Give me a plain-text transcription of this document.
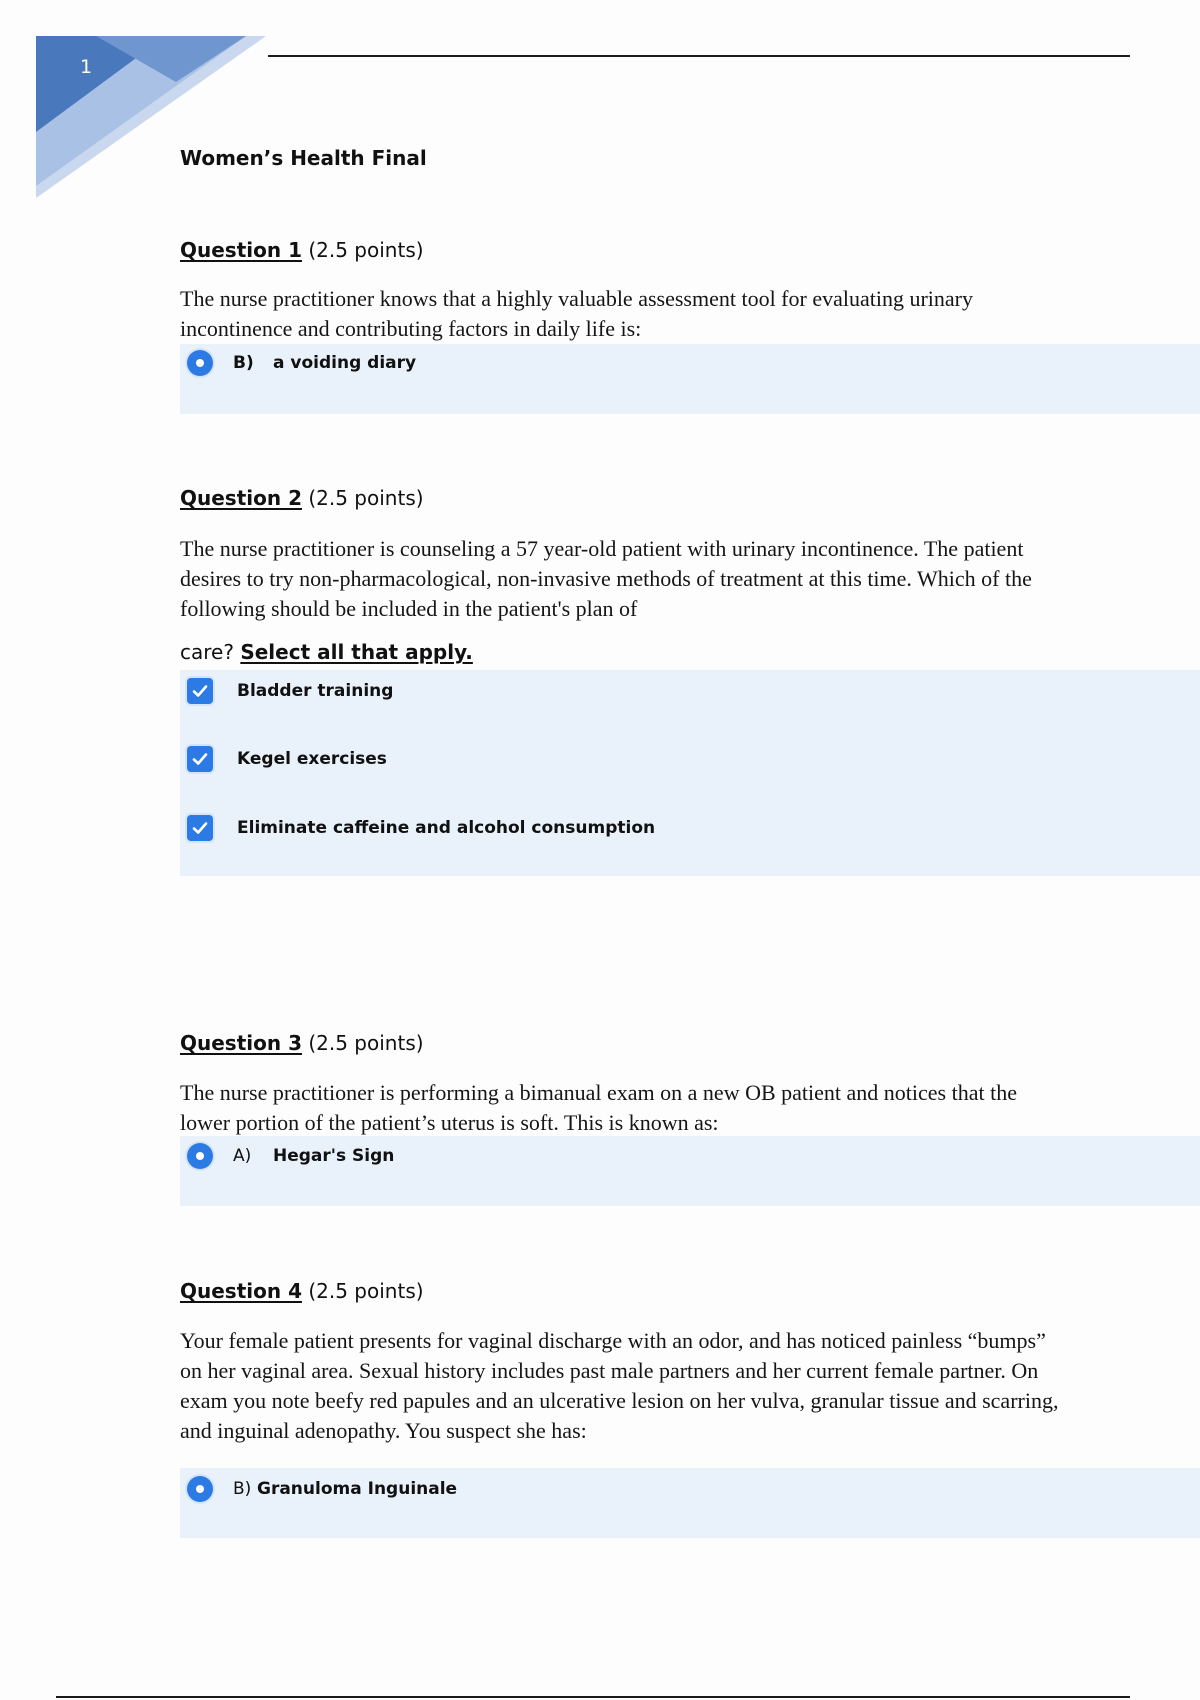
1
Women’s Health Final
Question 1 (2.5 points)

The nurse practitioner knows that a highly valuable assessment tool for evaluating urinary incontinence and contributing factors in daily life is:

B)	a voiding diary
Question 2 (2.5 points)

The nurse practitioner is counseling a 57 year-old patient with urinary incontinence. The patient desires to try non-pharmacological, non-invasive methods of treatment at this time. Which of the following should be included in the patient's plan of

care? Select all that apply.
Bladder training
Kegel exercises
Eliminate caffeine and alcohol consumption
Question 3 (2.5 points)

The nurse practitioner is performing a bimanual exam on a new OB patient and notices that the lower portion of the patient’s uterus is soft. This is known as:

A)	Hegar's Sign
Question 4 (2.5 points)

Your female patient presents for vaginal discharge with an odor, and has noticed painless “bumps” on her vaginal area. Sexual history includes past male partners and her current female partner. On exam you note beefy red papules and an ulcerative lesion on her vulva, granular tissue and scarring, and inguinal adenopathy. You suspect she has:

B) Granuloma Inguinale
